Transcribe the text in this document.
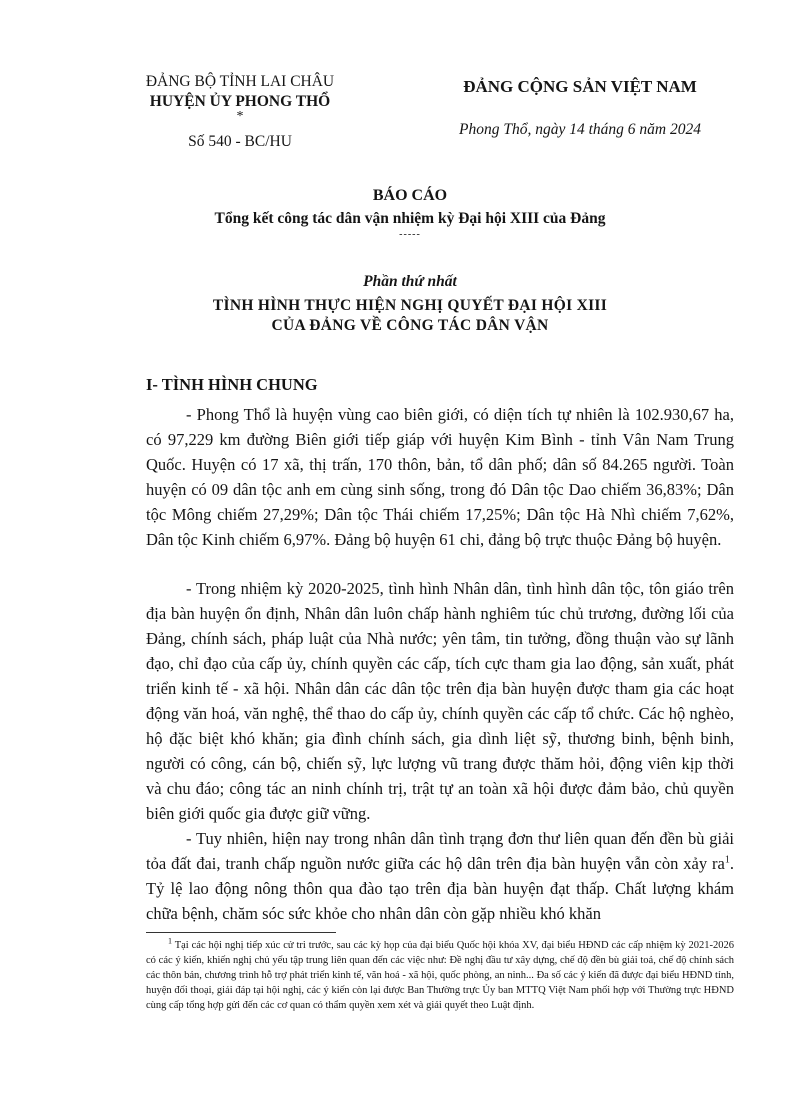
ĐẢNG BỘ TỈNH LAI CHÂU
HUYỆN ỦY PHONG THỔ
*
Số 540 - BC/HU
ĐẢNG CỘNG SẢN VIỆT NAM
Phong Thổ, ngày 14 tháng 6 năm 2024
BÁO CÁO
Tổng kết công tác dân vận nhiệm kỳ Đại hội XIII của Đảng
-----
Phần thứ nhất
TÌNH HÌNH THỰC HIỆN NGHỊ QUYẾT ĐẠI HỘI XIII
CỦA ĐẢNG VỀ CÔNG TÁC DÂN VẬN
I- TÌNH HÌNH CHUNG

- Phong Thổ là huyện vùng cao biên giới, có diện tích tự nhiên là 102.930,67 ha, có 97,229 km đường Biên giới tiếp giáp với huyện Kim Bình - tỉnh Vân Nam Trung Quốc. Huyện có 17 xã, thị trấn, 170 thôn, bản, tổ dân phố; dân số 84.265 người. Toàn huyện có 09 dân tộc anh em cùng sinh sống, trong đó Dân tộc Dao chiếm 36,83%; Dân tộc Mông chiếm 27,29%; Dân tộc Thái chiếm 17,25%; Dân tộc Hà Nhì chiếm 7,62%, Dân tộc Kinh chiếm 6,97%. Đảng bộ huyện 61 chi, đảng bộ trực thuộc Đảng bộ huyện.

- Trong nhiệm kỳ 2020-2025, tình hình Nhân dân, tình hình dân tộc, tôn giáo trên địa bàn huyện ổn định, Nhân dân luôn chấp hành nghiêm túc chủ trương, đường lối của Đảng, chính sách, pháp luật của Nhà nước; yên tâm, tin tưởng, đồng thuận vào sự lãnh đạo, chỉ đạo của cấp ủy, chính quyền các cấp, tích cực tham gia lao động, sản xuất, phát triển kinh tế - xã hội. Nhân dân các dân tộc trên địa bàn huyện được tham gia các hoạt động văn hoá, văn nghệ, thể thao do cấp ủy, chính quyền các cấp tổ chức. Các hộ nghèo, hộ đặc biệt khó khăn; gia đình chính sách, gia dình liệt sỹ, thương binh, bệnh binh, người có công, cán bộ, chiến sỹ, lực lượng vũ trang được thăm hỏi, động viên kịp thời và chu đáo; công tác an ninh chính trị, trật tự an toàn xã hội được đảm bảo, chủ quyền biên giới quốc gia được giữ vững.

- Tuy nhiên, hiện nay trong nhân dân tình trạng đơn thư liên quan đến đền bù giải tỏa đất đai, tranh chấp nguồn nước giữa các hộ dân trên địa bàn huyện vẫn còn xảy ra$^1$. Tỷ lệ lao động nông thôn qua đào tạo trên địa bàn huyện đạt thấp. Chất lượng khám chữa bệnh, chăm sóc sức khỏe cho nhân dân còn gặp nhiều khó khăn

$^1$ Tại các hội nghị tiếp xúc cử tri trước, sau các kỳ họp của đại biểu Quốc hội khóa XV, đại biểu HĐND các cấp nhiệm kỳ 2021-2026 có các ý kiến, khiến nghị chủ yếu tập trung liên quan đến các việc như: Đề nghị đầu tư xây dựng, chế độ đền bù giải toả, chế độ chính sách các thôn bản, chương trình hỗ trợ phát triển kinh tế, văn hoá - xã hội, quốc phòng, an ninh... Đa số các ý kiến đã được đại biểu HĐND tỉnh, huyện đối thoại, giải đáp tại hội nghị, các ý kiến còn lại được Ban Thường trực Ủy ban MTTQ Việt Nam phối hợp với Thường trực HĐND cùng cấp tổng hợp gửi đến các cơ quan có thẩm quyền xem xét và giải quyết theo Luật định.
